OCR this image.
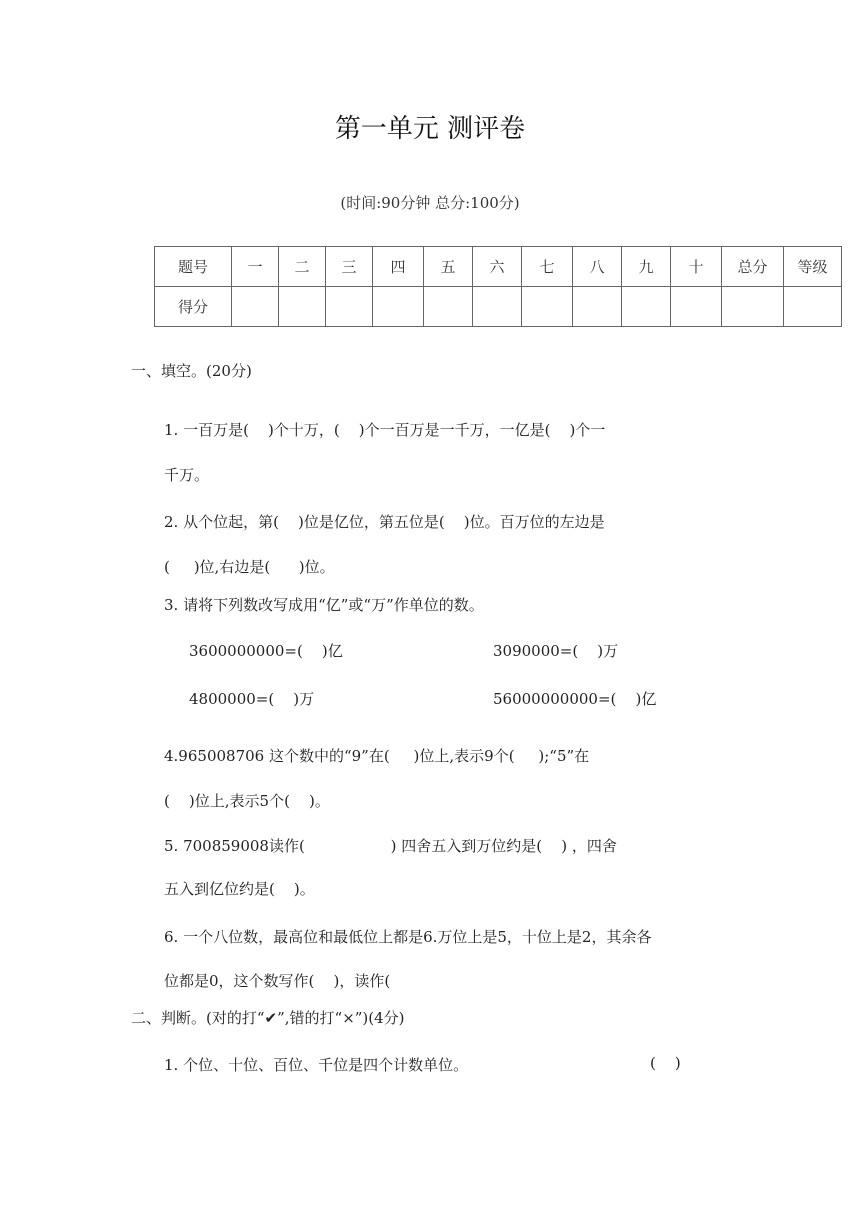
第一单元 测评卷
(时间:90分钟 总分:100分)
题号	一	二	三	四	五	六	七	八	九	十	总分	等级
得分												
一、填空。(20分)
1. 一百万是(    )个十万，(    )个一百万是一千万，一亿是(    )个一
千万。
2. 从个位起，第(    )位是亿位，第五位是(    )位。百万位的左边是
(     )位,右边是(      )位。
3. 请将下列数改写成用“亿”或“万”作单位的数。
3600000000=(    )亿	3090000=(    )万
4800000=(    )万	56000000000=(    )亿
4.965008706 这个数中的“9”在(     )位上,表示9个(     );“5”在
(    )位上,表示5个(    )。
5. 700859008读作(                  ) 四舍五入到万位约是(    ) ，四舍
五入到亿位约是(    )。
6. 一个八位数，最高位和最低位上都是6.万位上是5，十位上是2，其余各
位都是0，这个数写作(    )，读作(
二、判断。(对的打“✔”,错的打“×”)(4分)
1. 个位、十位、百位、千位是四个计数单位。	(    )
